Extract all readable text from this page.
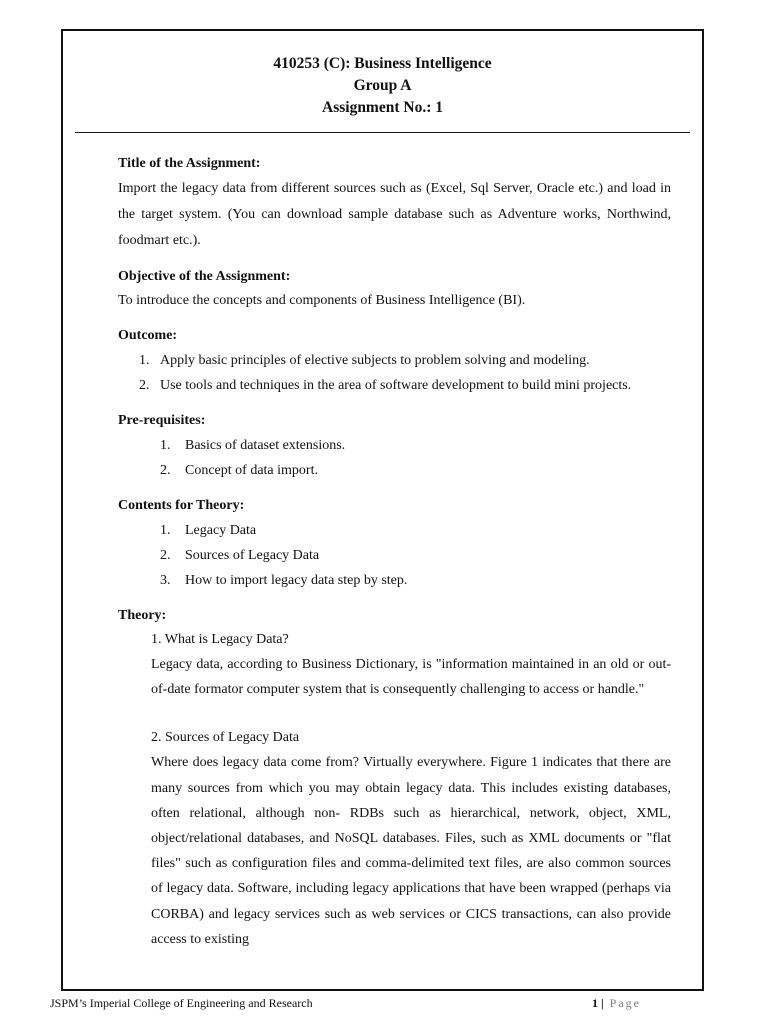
410253 (C): Business Intelligence
Group A
Assignment No.: 1

Title of the Assignment:

Import the legacy data from different sources such as (Excel, Sql Server, Oracle etc.) and load in the target system. (You can download sample database such as Adventure works, Northwind, foodmart etc.).

Objective of the Assignment:

To introduce the concepts and components of Business Intelligence (BI).

Outcome:

1. Apply basic principles of elective subjects to problem solving and modeling.
2. Use tools and techniques in the area of software development to build mini projects.

Pre-requisites:

1. Basics of dataset extensions.
2. Concept of data import.

Contents for Theory:

1. Legacy Data
2. Sources of Legacy Data
3. How to import legacy data step by step.

Theory:

1. What is Legacy Data?

Legacy data, according to Business Dictionary, is "information maintained in an old or out-of-date formator computer system that is consequently challenging to access or handle."

2. Sources of Legacy Data

Where does legacy data come from? Virtually everywhere. Figure 1 indicates that there are many sources from which you may obtain legacy data. This includes existing databases, often relational, although non- RDBs such as hierarchical, network, object, XML, object/relational databases, and NoSQL databases. Files, such as XML documents or "flat files" such as configuration files and comma-delimited text files, are also common sources of legacy data. Software, including legacy applications that have been wrapped (perhaps via CORBA) and legacy services such as web services or CICS transactions, can also provide access to existing

JSPM’s Imperial College of Engineering and Research	1 | Page
